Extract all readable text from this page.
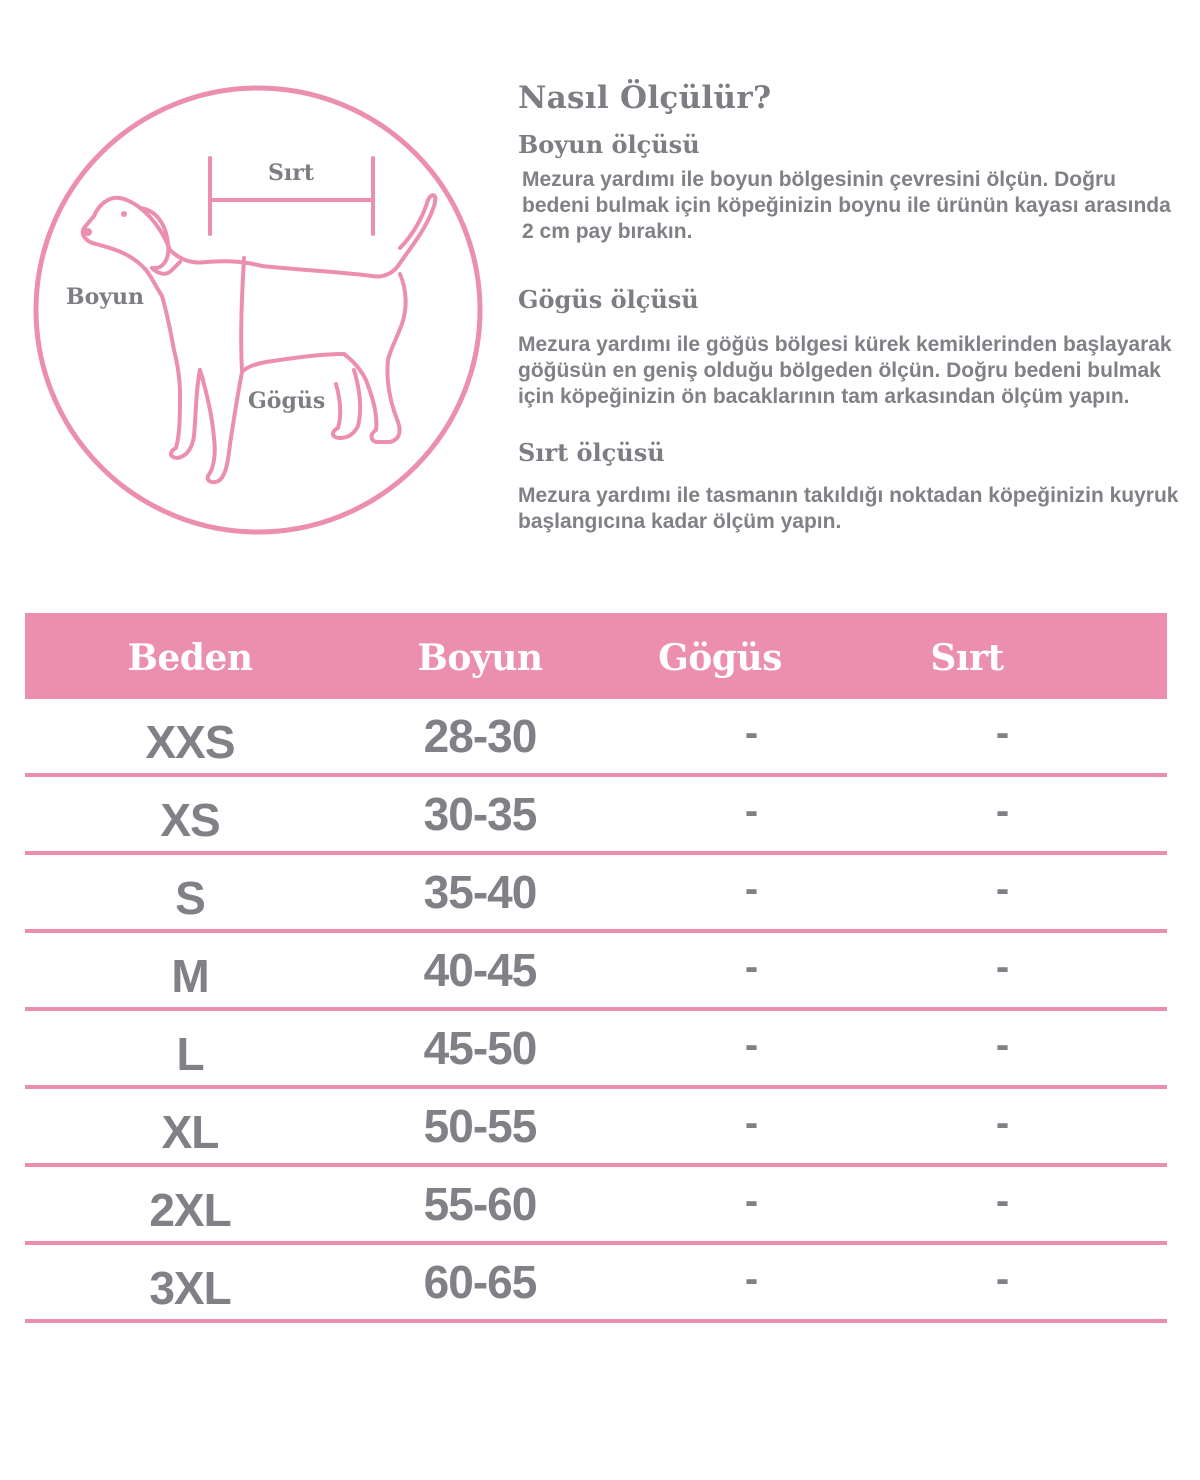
Sırt
Boyun
Gögüs
Nasıl Ölçülür?
Boyun ölçüsü

Mezura yardımı ile boyun bölgesinin çevresini ölçün. Doğru

bedeni bulmak için köpeğinizin boynu ile ürünün kayası arasında

2 cm pay bırakın.

Gögüs ölçüsü

Mezura yardımı ile göğüs bölgesi kürek kemiklerinden başlayarak

göğüsün en geniş olduğu bölgeden ölçün. Doğru bedeni bulmak

için köpeğinizin ön bacaklarının tam arkasından ölçüm yapın.

Sırt ölçüsü

Mezura yardımı ile tasmanın takıldığı noktadan köpeğinizin kuyruk

başlangıcına kadar ölçüm yapın.

Beden	Boyun	Gögüs	Sırt
XXS	28-30	-	-
XS	30-35	-	-
S	35-40	-	-
M	40-45	-	-
L	45-50	-	-
XL	50-55	-	-
2XL	55-60	-	-
3XL	60-65	-	-
